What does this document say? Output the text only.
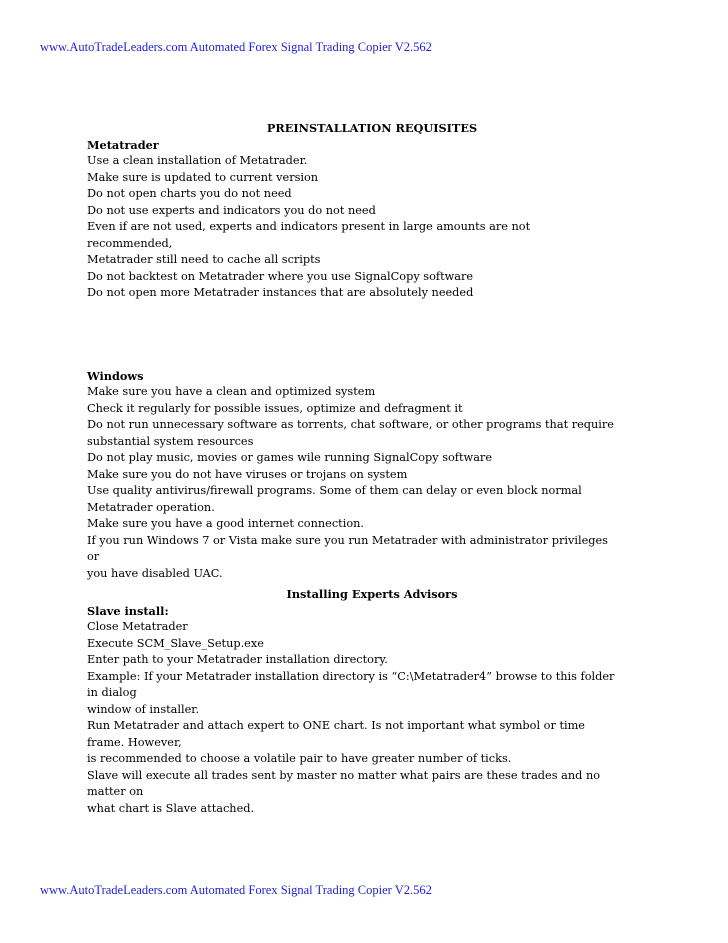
www.AutoTradeLeaders.com Automated Forex Signal Trading Copier V2.562
PREINSTALLATION REQUISITES
Metatrader
Use a clean installation of Metatrader.
Make sure is updated to current version
Do not open charts you do not need
Do not use experts and indicators you do not need
Even if are not used, experts and indicators present in large amounts are not
recommended,
Metatrader still need to cache all scripts
Do not backtest on Metatrader where you use SignalCopy software
Do not open more Metatrader instances that are absolutely needed
Windows
Make sure you have a clean and optimized system
Check it regularly for possible issues, optimize and defragment it
Do not run unnecessary software as torrents, chat software, or other programs that require
substantial system resources
Do not play music, movies or games wile running SignalCopy software
Make sure you do not have viruses or trojans on system
Use quality antivirus/firewall programs. Some of them can delay or even block normal
Metatrader operation.
Make sure you have a good internet connection.
If you run Windows 7 or Vista make sure you run Metatrader with administrator privileges
or
you have disabled UAC.
Installing Experts Advisors
Slave install:
Close Metatrader
Execute SCM_Slave_Setup.exe
Enter path to your Metatrader installation directory.
Example: If your Metatrader installation directory is “C:\Metatrader4” browse to this folder
in dialog
window of installer.
Run Metatrader and attach expert to ONE chart. Is not important what symbol or time
frame. However,
is recommended to choose a volatile pair to have greater number of ticks.
Slave will execute all trades sent by master no matter what pairs are these trades and no
matter on
what chart is Slave attached.
www.AutoTradeLeaders.com Automated Forex Signal Trading Copier V2.562
